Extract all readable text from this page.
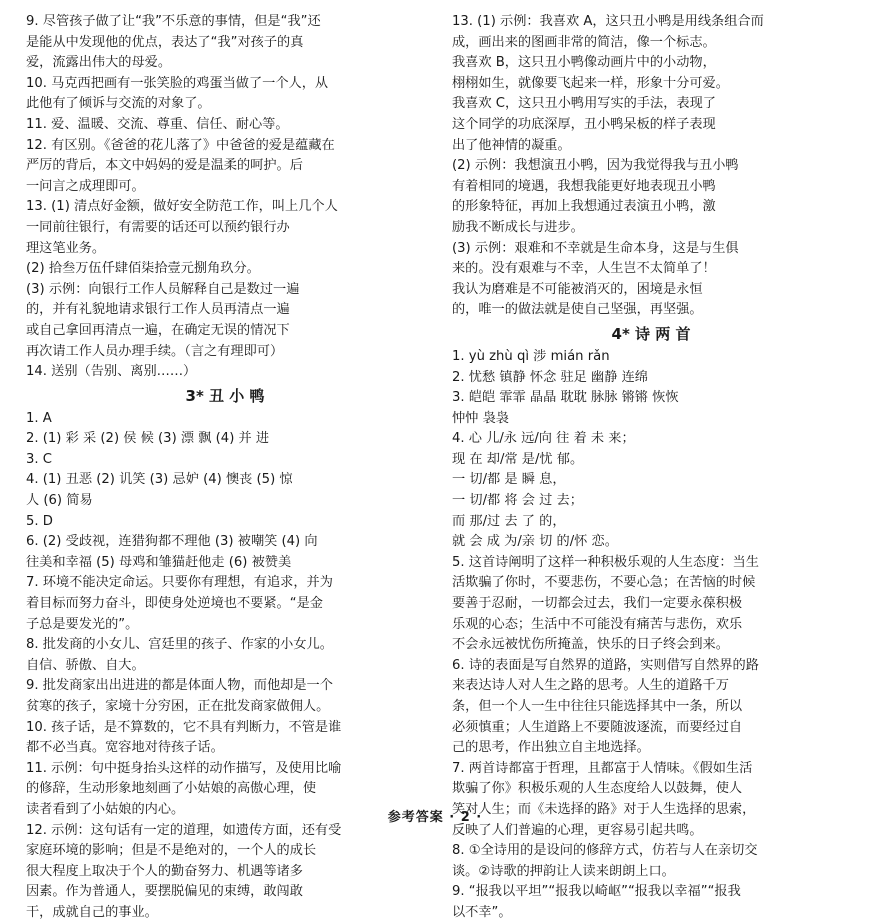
9. 尽管孩子做了让“我”不乐意的事情，但是“我”还
是能从中发现他的优点，表达了“我”对孩子的真
爱，流露出伟大的母爱。
10. 马克西把画有一张笑脸的鸡蛋当做了一个人，从
此他有了倾诉与交流的对象了。
11. 爱、温暖、交流、尊重、信任、耐心等。
12. 有区别。《爸爸的花儿落了》中爸爸的爱是蕴藏在
严厉的背后，本文中妈妈的爱是温柔的呵护。后
一问言之成理即可。
13. (1) 清点好金额，做好安全防范工作，叫上几个人
一同前往银行，有需要的话还可以预约银行办
理这笔业务。
(2) 拾叁万伍仟肆佰柒拾壹元捌角玖分。
(3) 示例：向银行工作人员解释自己是数过一遍
的，并有礼貌地请求银行工作人员再清点一遍
或自己拿回再清点一遍，在确定无误的情况下
再次请工作人员办理手续。（言之有理即可）
14. 送别（告别、离别……）
3* 丑 小 鸭
1. A
2. (1) 彩 采 (2) 侯 候 (3) 漂 飘 (4) 并 进
3. C
4. (1) 丑恶 (2) 讥笑 (3) 忌妒 (4) 懊丧 (5) 惊
人 (6) 简易
5. D
6. (2) 受歧视，连猎狗都不理他 (3) 被嘲笑 (4) 向
往美和幸福 (5) 母鸡和雏猫赶他走 (6) 被赞美
7. 环境不能决定命运。只要你有理想，有追求，并为
着目标而努力奋斗，即使身处逆境也不要紧。“是金
子总是要发光的”。
8. 批发商的小女儿、宫廷里的孩子、作家的小女儿。
自信、骄傲、自大。
9. 批发商家出出进进的都是体面人物，而他却是一个
贫寒的孩子，家境十分穷困，正在批发商家做佣人。
10. 孩子话，是不算数的，它不具有判断力，不管是谁
都不必当真。宽容地对待孩子话。
11. 示例：句中挺身抬头这样的动作描写，及使用比喻
的修辞，生动形象地刻画了小姑娘的高傲心理，使
读者看到了小姑娘的内心。
12. 示例：这句话有一定的道理，如遗传方面，还有受
家庭环境的影响；但是不是绝对的，一个人的成长
很大程度上取决于个人的勤奋努力、机遇等诸多
因素。作为普通人，要摆脱偏见的束缚，敢闯敢
干，成就自己的事业。
13. (1) 示例：我喜欢 A，这只丑小鸭是用线条组合而
成，画出来的图画非常的简洁，像一个标志。
我喜欢 B，这只丑小鸭像动画片中的小动物，
栩栩如生，就像要飞起来一样，形象十分可爱。
我喜欢 C，这只丑小鸭用写实的手法，表现了
这个同学的功底深厚，丑小鸭呆板的样子表现
出了他神情的凝重。
(2) 示例：我想演丑小鸭，因为我觉得我与丑小鸭
有着相同的境遇，我想我能更好地表现丑小鸭
的形象特征，再加上我想通过表演丑小鸭，激
励我不断成长与进步。
(3) 示例：艰难和不幸就是生命本身，这是与生俱
来的。没有艰难与不幸，人生岂不太简单了！
我认为磨难是不可能被消灭的，困境是永恒
的，唯一的做法就是使自己坚强，再坚强。
4* 诗 两 首
1. yù zhù qì 涉 mián rǎn
2. 忧愁 镇静 怀念 驻足 幽静 连绵
3. 皑皑 霏霏 晶晶 耽耽 脉脉 锵锵 恢恢
忡忡 袅袅
4. 心 儿/永 远/向 往 着 未 来；
现 在 却/常 是/忧 郁。
一 切/都 是 瞬 息，
一 切/都 将 会 过 去；
而 那/过 去 了 的，
就 会 成 为/亲 切 的/怀 恋。
5. 这首诗阐明了这样一种积极乐观的人生态度：当生
活欺骗了你时，不要悲伤，不要心急；在苦恼的时候
要善于忍耐，一切都会过去，我们一定要永葆积极
乐观的心态；生活中不可能没有痛苦与悲伤，欢乐
不会永远被忧伤所掩盖，快乐的日子终会到来。
6. 诗的表面是写自然界的道路，实则借写自然界的路
来表达诗人对人生之路的思考。人生的道路千万
条，但一个人一生中往往只能选择其中一条，所以
必须慎重；人生道路上不要随波逐流，而要经过自
己的思考，作出独立自主地选择。
7. 两首诗都富于哲理，且都富于人情味。《假如生活
欺骗了你》积极乐观的人生态度给人以鼓舞，使人
笑对人生；而《未选择的路》对于人生选择的思索，
反映了人们普遍的心理，更容易引起共鸣。
8. ①全诗用的是设问的修辞方式，仿若与人在亲切交
谈。②诗歌的押韵让人读来朗朗上口。
9. “报我以平坦”“报我以崎岖”“报我以幸福”“报我
以不幸”。
参考答案 · 2 ·
